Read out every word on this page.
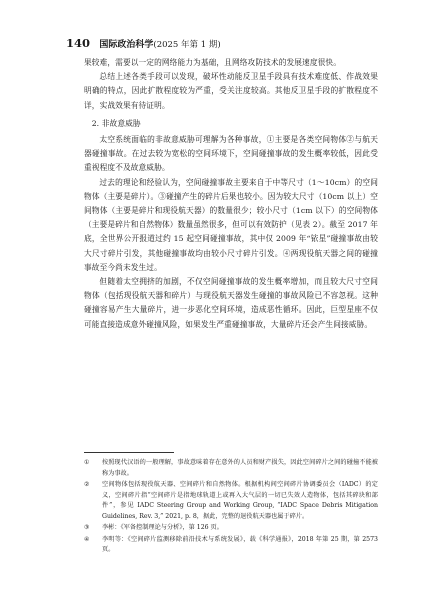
140 国际政治科学(2025 年第 1 期)

果较难，需要以一定的网络能力为基础，且网络攻防技术的发展速度很快。

总结上述各类手段可以发现，破坏性动能反卫星手段具有技术难度低、作战效果明确的特点，因此扩散程度较为严重，受关注度较高。其他反卫星手段的扩散程度不详，实战效果有待证明。

2. 非故意威胁

太空系统面临的非故意威胁可理解为各种事故，①主要是各类空间物体②与航天器碰撞事故。在过去较为宽松的空间环境下，空间碰撞事故的发生概率较低，因此受重视程度不及故意威胁。

过去的理论和经验认为，空间碰撞事故主要来自于中等尺寸（1～10cm）的空间物体（主要是碎片）。③碰撞产生的碎片后果也较小。因为较大尺寸（10cm 以上）空间物体（主要是碎片和现役航天器）的数量很少；较小尺寸（1cm 以下）的空间物体（主要是碎片和自然物体）数量虽然很多，但可以有效防护（见表 2）。截至 2017 年底，全世界公开报道过约 15 起空间碰撞事故，其中仅 2009 年“铱星”碰撞事故由较大尺寸碎片引发，其他碰撞事故均由较小尺寸碎片引发。④两现役航天器之间的碰撞事故至今尚未发生过。

但随着太空拥挤的加剧，不仅空间碰撞事故的发生概率增加，而且较大尺寸空间物体（包括现役航天器和碎片）与现役航天器发生碰撞的事故风险已不容忽视。这种碰撞容易产生大量碎片，进一步恶化空间环境，造成恶性循环。因此，巨型星座不仅可能直接造成意外碰撞风险，如果发生严重碰撞事故，大量碎片还会产生间接威胁。

①	按照现代汉语的一般理解，事故意味着存在意外的人员和财产损失，因此空间碎片之间的碰撞不能被称为事故。
②	空间物体包括现役航天器、空间碎片和自然物体。根据机构间空间碎片协调委员会（IADC）的定义，空间碎片指“空间碎片是指地球轨道上或再入大气层的一切已失效人造物体，包括其碎块和部件”，参见 IADC Steering Group and Working Group, “IADC Space Debris Mitigation Guidelines, Rev. 3,” 2021, p. 8，据此，完整的退役航天器也属于碎片。
③	李彬：《军备控制理论与分析》，第 126 页。
④	李明等：《空间碎片监测移除前沿技术与系统发展》，载《科学通报》，2018 年第 25 期，第 2573 页。
